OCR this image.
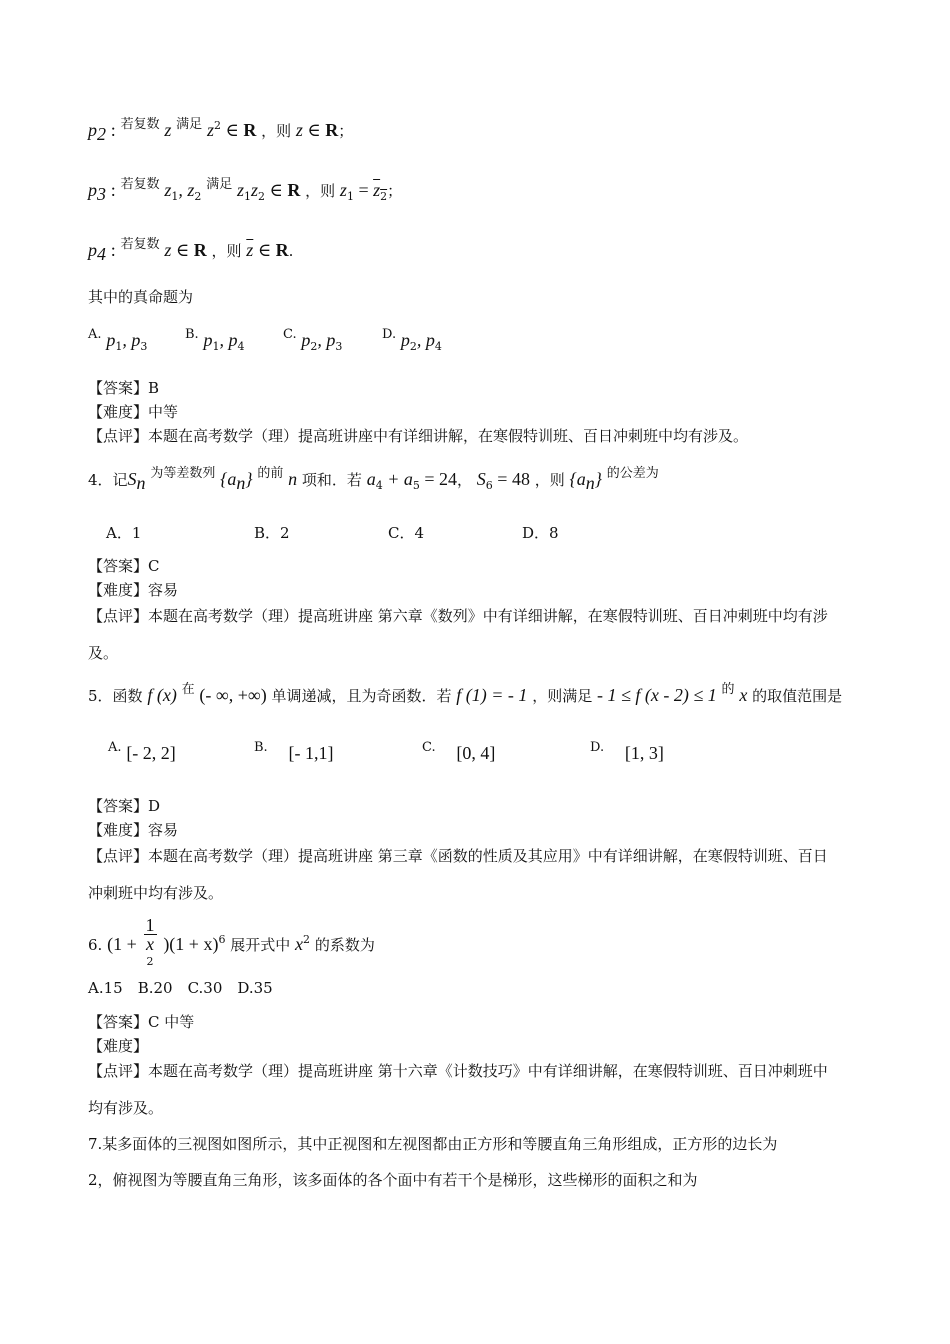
$p_2$ : 若复数 z 满足 $z^2$ ∈ R ，则 z ∈ R；
$p_3$ : 若复数 $z_1$, $z_2$ 满足 $z_1z_2$ ∈ R ，则 $z_1 = z_2$；
$p_4$ : 若复数 z ∈ R ，则 $\overline{z}$ ∈ R.
其中的真命题为
A. $p_1$, $p_3$
B. $p_1$, $p_4$
C. $p_2$, $p_3$
D. $p_2$, $p_4$
【答案】B
【难度】中等
【点评】本题在高考数学（理）提高班讲座中有详细讲解，在寒假特训班、百日冲刺班中均有涉及。
4．记$S_n$ 为等差数列 $\{a_n\}$ 的前 n 项和．若 $a_4 + a_5 = 24$， $S_6 = 48$ ，则 $\{a_n\}$ 的公差为
A．1	B．2	C．4	D．8
【答案】C
【难度】容易
【点评】本题在高考数学（理）提高班讲座 第六章《数列》中有详细讲解，在寒假特训班、百日冲刺班中均有涉
及。
5．函数 f (x) 在 (- ∞, +∞) 单调递减，且为奇函数．若 f (1) = - 1 ，则满足 - 1 ≤ f (x - 2) ≤ 1 的 x 的取值范围是
A. [- 2, 2]	B. [- 1,1]	C. [0, 4]	D. [1, 3]
【答案】D
【难度】容易
【点评】本题在高考数学（理）提高班讲座 第三章《函数的性质及其应用》中有详细讲解，在寒假特训班、百日
冲刺班中均有涉及。
6. (1 + 1
x
$^2$ )$(1 + x)^6$ 展开式中 $x^2$ 的系数为
A.15　B.20　C.30　D.35
【答案】C 中等
【难度】
【点评】本题在高考数学（理）提高班讲座 第十六章《计数技巧》中有详细讲解，在寒假特训班、百日冲刺班中
均有涉及。
7.某多面体的三视图如图所示，其中正视图和左视图都由正方形和等腰直角三角形组成，正方形的边长为
2，俯视图为等腰直角三角形，该多面体的各个面中有若干个是梯形，这些梯形的面积之和为
